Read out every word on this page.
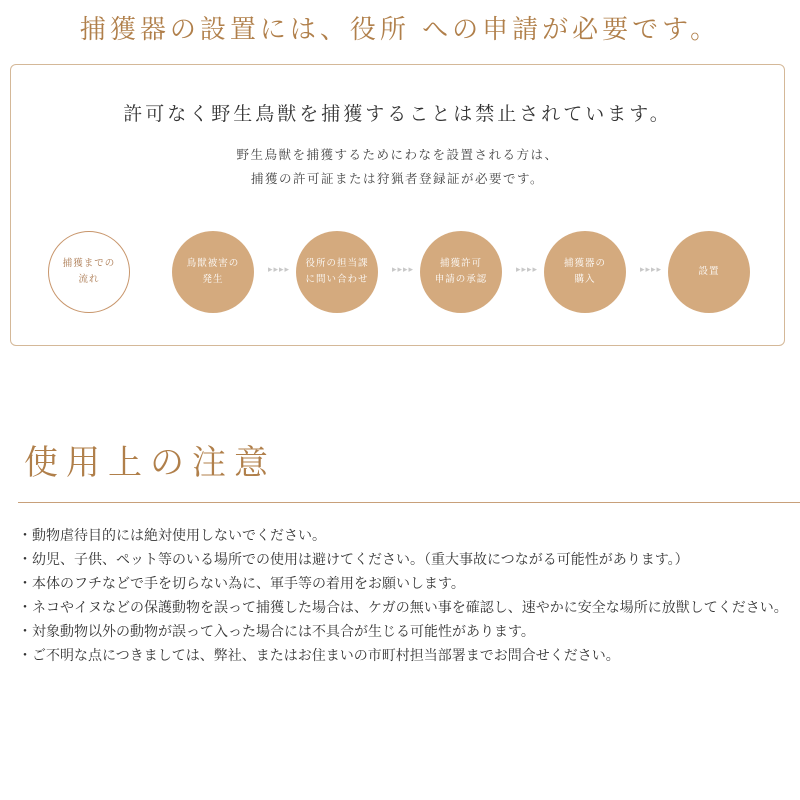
捕獲器の設置には、役所 への申請が必要です。
許可なく野生鳥獣を捕獲することは禁止されています。
野生鳥獣を捕獲するためにわなを設置される方は、
捕獲の許可証または狩猟者登録証が必要です。
捕獲までの
流れ
鳥獣被害の
発生
▸▸▸▸
役所の担当課
に問い合わせ
▸▸▸▸
捕獲許可
申請の承認
▸▸▸▸
捕獲器の
購入
▸▸▸▸	設置
使用上の注意
・動物虐待目的には絶対使用しないでください。
・幼児、子供、ペット等のいる場所での使用は避けてください。（重大事故につながる可能性があります。）
・本体のフチなどで手を切らない為に、軍手等の着用をお願いします。
・ネコやイヌなどの保護動物を誤って捕獲した場合は、ケガの無い事を確認し、速やかに安全な場所に放獣してください。
・対象動物以外の動物が誤って入った場合には不具合が生じる可能性があります。
・ご不明な点につきましては、弊社、またはお住まいの市町村担当部署までお問合せください。
